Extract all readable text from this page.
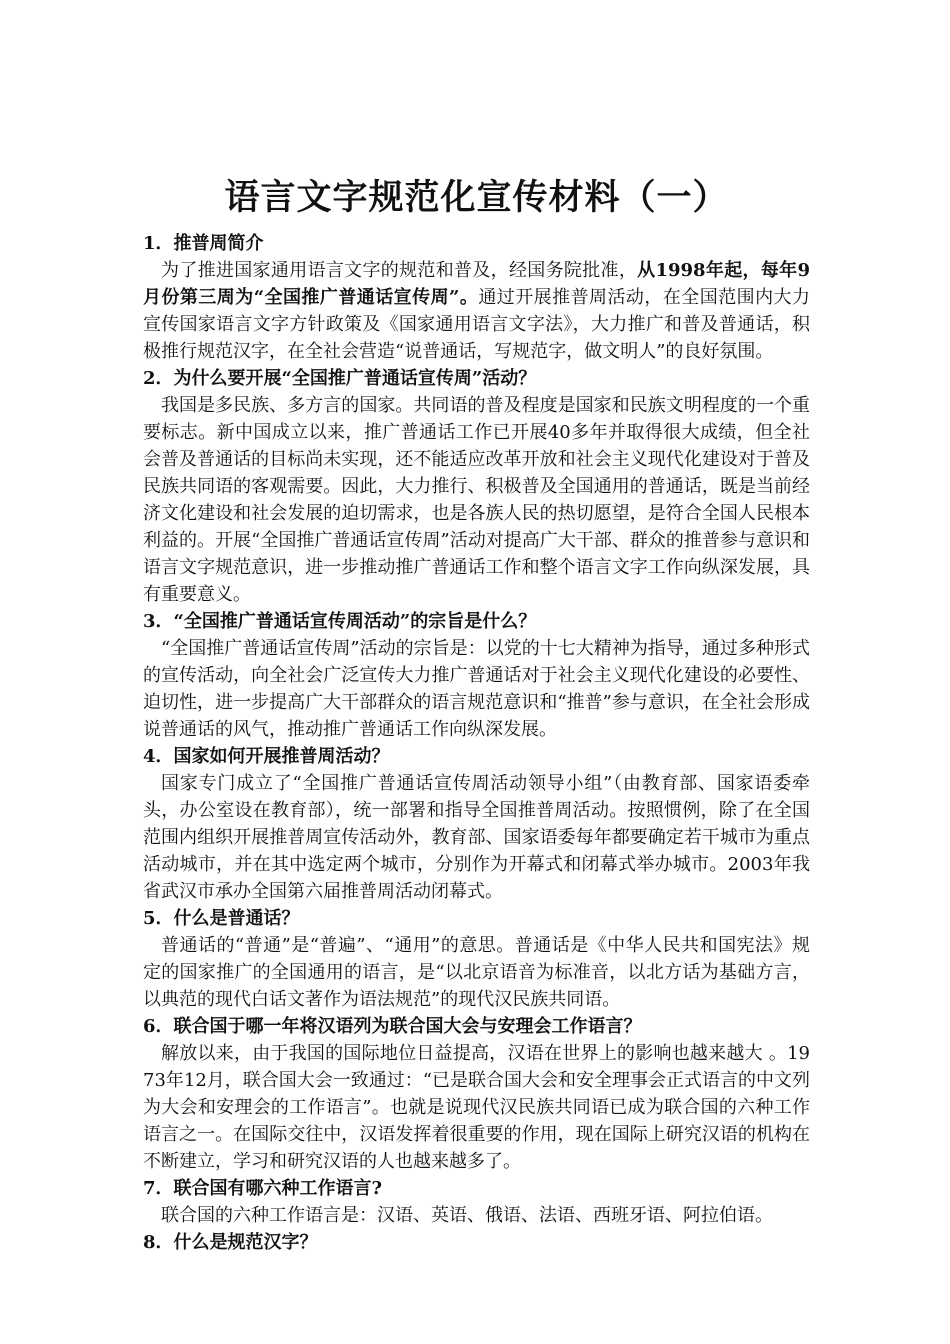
语言文字规范化宣传材料（一）

1．推普周简介

为了推进国家通用语言文字的规范和普及，经国务院批准，从1998年起，每年9月份第三周为“全国推广普通话宣传周”。通过开展推普周活动，在全国范围内大力宣传国家语言文字方针政策及《国家通用语言文字法》，大力推广和普及普通话，积极推行规范汉字，在全社会营造“说普通话，写规范字，做文明人”的良好氛围。

2．为什么要开展“全国推广普通话宣传周”活动？

我国是多民族、多方言的国家。共同语的普及程度是国家和民族文明程度的一个重要标志。新中国成立以来，推广普通话工作已开展40多年并取得很大成绩，但全社会普及普通话的目标尚未实现，还不能适应改革开放和社会主义现代化建设对于普及民族共同语的客观需要。因此，大力推行、积极普及全国通用的普通话，既是当前经济文化建设和社会发展的迫切需求，也是各族人民的热切愿望，是符合全国人民根本利益的。开展“全国推广普通话宣传周”活动对提高广大干部、群众的推普参与意识和语言文字规范意识，进一步推动推广普通话工作和整个语言文字工作向纵深发展，具有重要意义。

3．“全国推广普通话宣传周活动”的宗旨是什么？

“全国推广普通话宣传周”活动的宗旨是：以党的十七大精神为指导，通过多种形式的宣传活动，向全社会广泛宣传大力推广普通话对于社会主义现代化建设的必要性、迫切性，进一步提高广大干部群众的语言规范意识和“推普”参与意识，在全社会形成说普通话的风气，推动推广普通话工作向纵深发展。

4．国家如何开展推普周活动？

国家专门成立了“全国推广普通话宣传周活动领导小组”（由教育部、国家语委牵头，办公室设在教育部），统一部署和指导全国推普周活动。按照惯例，除了在全国范围内组织开展推普周宣传活动外，教育部、国家语委每年都要确定若干城市为重点活动城市，并在其中选定两个城市，分别作为开幕式和闭幕式举办城市。2003年我省武汉市承办全国第六届推普周活动闭幕式。

5．什么是普通话？

普通话的“普通”是“普遍”、“通用”的意思。普通话是《中华人民共和国宪法》规定的国家推广的全国通用的语言，是“以北京语音为标准音，以北方话为基础方言，以典范的现代白话文著作为语法规范”的现代汉民族共同语。

6．联合国于哪一年将汉语列为联合国大会与安理会工作语言？

解放以来，由于我国的国际地位日益提高，汉语在世界上的影响也越来越大 。1973年12月，联合国大会一致通过：“已是联合国大会和安全理事会正式语言的中文列为大会和安理会的工作语言”。也就是说现代汉民族共同语已成为联合国的六种工作语言之一。在国际交往中，汉语发挥着很重要的作用，现在国际上研究汉语的机构在不断建立，学习和研究汉语的人也越来越多了。

7．联合国有哪六种工作语言?

联合国的六种工作语言是：汉语、英语、俄语、法语、西班牙语、阿拉伯语。

8．什么是规范汉字？
